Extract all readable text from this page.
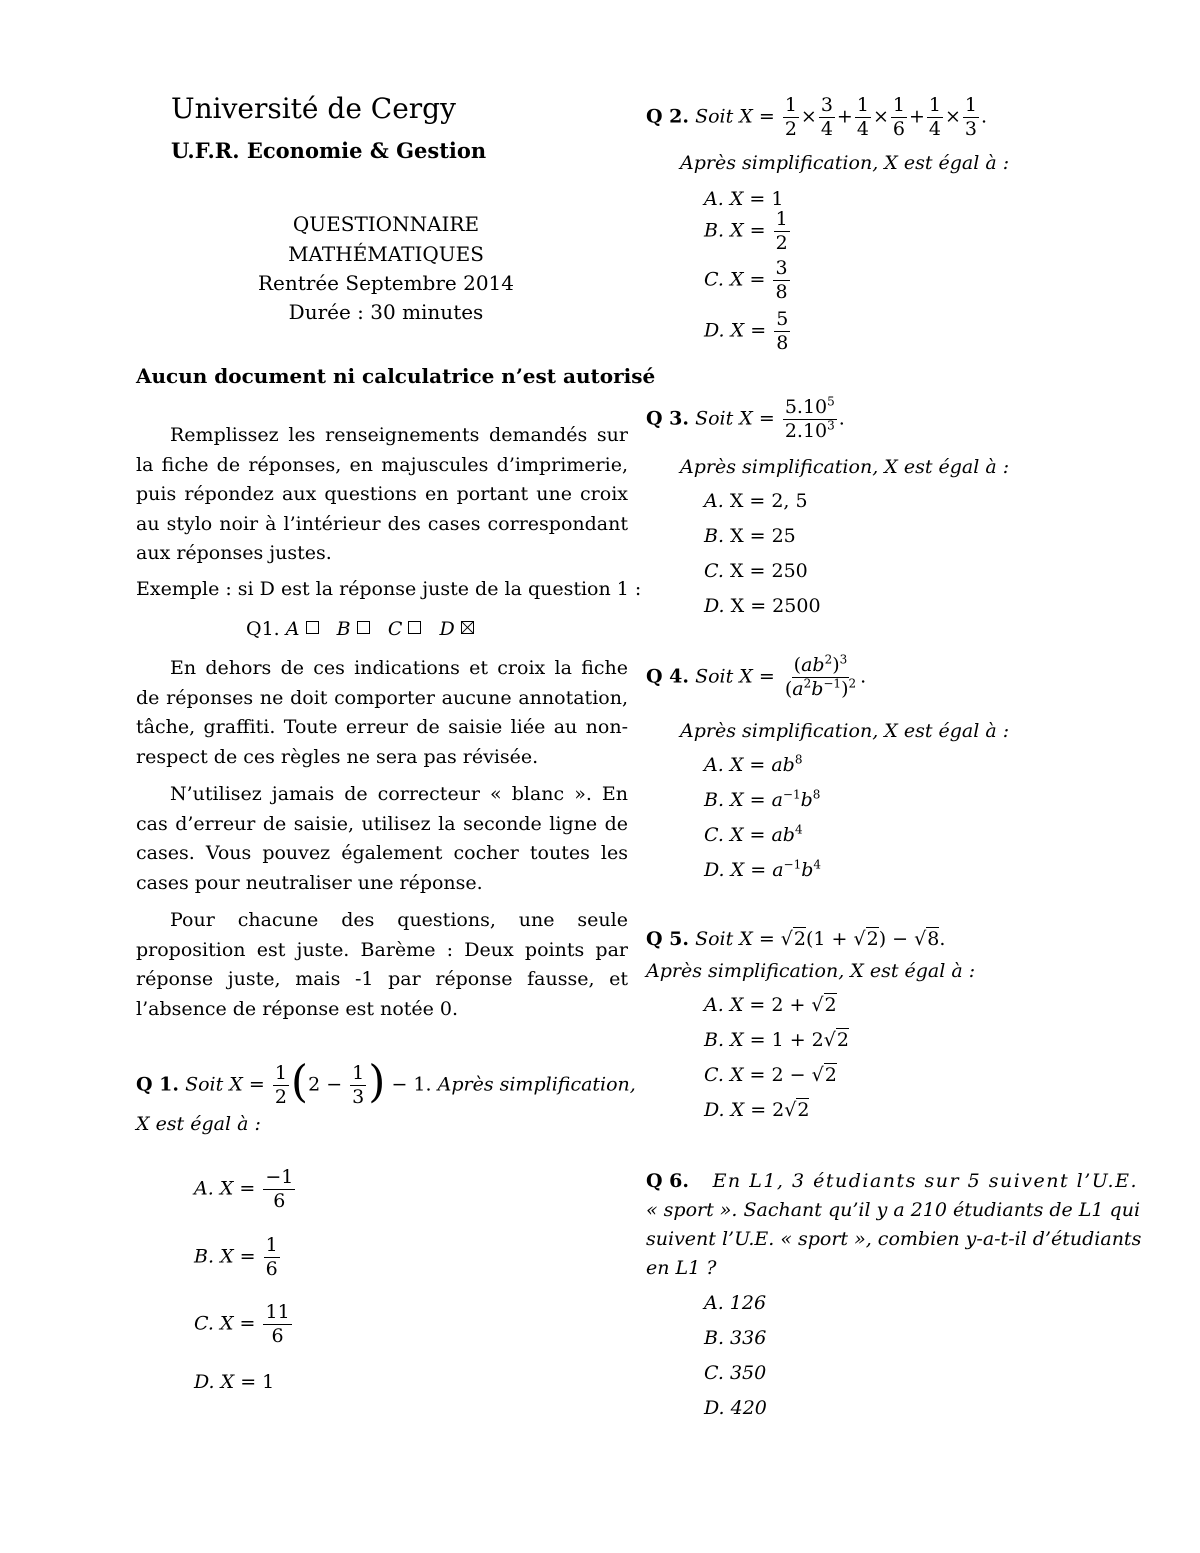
Université de Cergy
U.F.R. Economie & Gestion
QUESTIONNAIRE
MATHÉMATIQUES
Rentrée Septembre 2014
Durée : 30 minutes
Aucun document ni calculatrice n’est autorisé
Remplissez les renseignements demandés sur la fiche de réponses, en majuscules d’imprimerie, puis répondez aux questions en portant une croix au stylo noir à l’intérieur des cases correspondant aux réponses justes.
Exemple : si D est la réponse juste de la question 1 :
Q1. A B C D
En dehors de ces indications et croix la fiche de réponses ne doit comporter aucune annotation, tâche, graffiti. Toute erreur de saisie liée au non-respect de ces règles ne sera pas révisée.
N’utilisez jamais de correcteur « blanc ». En cas d’erreur de saisie, utilisez la seconde ligne de cases. Vous pouvez également cocher toutes les cases pour neutraliser une réponse.
Pour chacune des questions, une seule proposition est juste. Barème : Deux points par réponse juste, mais -1 par réponse fausse, et l’absence de réponse est notée 0.
Q 1. Soit $X = \frac{1}{2} (2 - \frac{1}{3}$ ) − 1. Après simplification,
X est égal à :
A. $X = \frac{-1}{6}$
B. $X = \frac{1}{6}$
C. $X = \frac{11}{6}$
D. X = 1
Q 2. Soit $X = \frac{1}{2} \times \frac{3}{4} + \frac{1}{4} \times \frac{1}{6} + \frac{1}{4} \times \frac{1}{3}$ .
Après simplification, X est égal à :
A. X = 1
B. $X = \frac{1}{2}$
C. $X = \frac{3}{8}$
D. $X = \frac{5}{8}$
Q 3. Soit $X = \frac{5.10^5}{2.10^3}$ .
Après simplification, X est égal à :
A. X = 2, 5
B. X = 25
C. X = 250
D. X = 2500
Q 4. Soit $X = \frac{(ab^2)^3}{(a^2b^{-1})^2}$ .
Après simplification, X est égal à :
A. $X = ab^8$
B. $X = a^{-1}b^8$
C. $X = ab^4$
D. $X = a^{-1}b^4$
Q 5. Soit X = √2(1 + √2) − √8.
Après simplification, X est égal à :
A. X = 2 + √2
B. X = 1 + 2√2
C. X = 2 − √2
D. X = 2√2
Q 6. En L1, 3 étudiants sur 5 suivent l’U.E.
« sport ». Sachant qu’il y a 210 étudiants de L1 qui
suivent l’U.E. « sport », combien y-a-t-il d’étudiants
en L1 ?
A. 126
B. 336
C. 350
D. 420
